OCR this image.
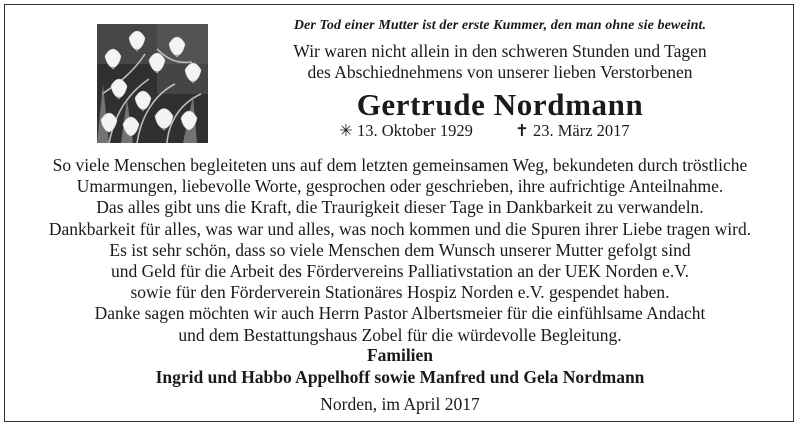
Der Tod einer Mutter ist der erste Kummer, den man ohne sie beweint.
Wir waren nicht allein in den schweren Stunden und Tagen
des Abschiednehmens von unserer lieben Verstorbenen
Gertrude Nordmann
✳ 13. Oktober 1929	✝ 23. März 2017
So viele Menschen begleiteten uns auf dem letzten gemeinsamen Weg, bekundeten durch tröstliche
Umarmungen, liebevolle Worte, gesprochen oder geschrieben, ihre aufrichtige Anteilnahme.
Das alles gibt uns die Kraft, die Traurigkeit dieser Tage in Dankbarkeit zu verwandeln.
Dankbarkeit für alles, was war und alles, was noch kommen und die Spuren ihrer Liebe tragen wird.
Es ist sehr schön, dass so viele Menschen dem Wunsch unserer Mutter gefolgt sind
und Geld für die Arbeit des Fördervereins Palliativstation an der UEK Norden e.V.
sowie für den Förderverein Stationäres Hospiz Norden e.V. gespendet haben.
Danke sagen möchten wir auch Herrn Pastor Albertsmeier für die einfühlsame Andacht
und dem Bestattungshaus Zobel für die würdevolle Begleitung.
Familien
Ingrid und Habbo Appelhoff sowie Manfred und Gela Nordmann
Norden, im April 2017
